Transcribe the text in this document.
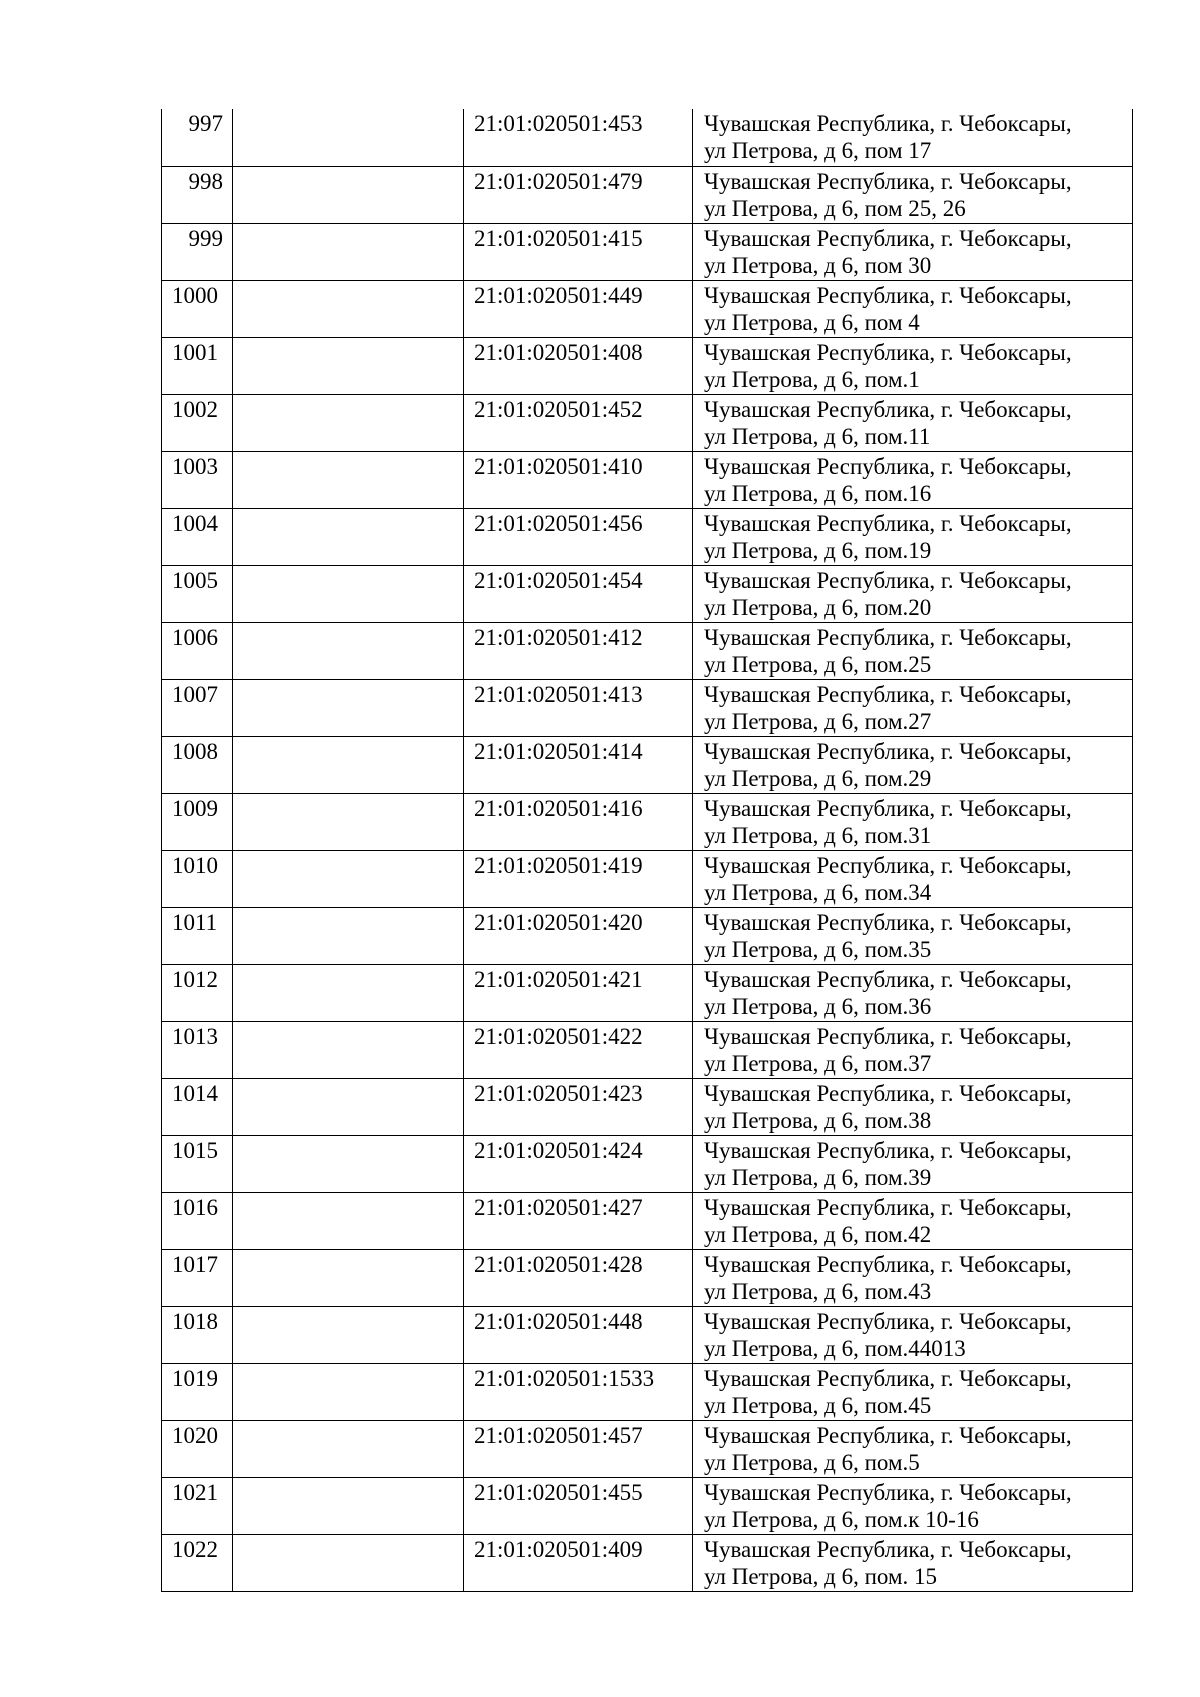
997		21:01:020501:453	Чувашская Республика, г. Чебоксары,
ул Петрова, д 6, пом 17

998		21:01:020501:479	Чувашская Республика, г. Чебоксары,
ул Петрова, д 6, пом 25, 26

999		21:01:020501:415	Чувашская Республика, г. Чебоксары,
ул Петрова, д 6, пом 30

1000		21:01:020501:449	Чувашская Республика, г. Чебоксары,
ул Петрова, д 6, пом 4

1001		21:01:020501:408	Чувашская Республика, г. Чебоксары,
ул Петрова, д 6, пом.1

1002		21:01:020501:452	Чувашская Республика, г. Чебоксары,
ул Петрова, д 6, пом.11

1003		21:01:020501:410	Чувашская Республика, г. Чебоксары,
ул Петрова, д 6, пом.16

1004		21:01:020501:456	Чувашская Республика, г. Чебоксары,
ул Петрова, д 6, пом.19

1005		21:01:020501:454	Чувашская Республика, г. Чебоксары,
ул Петрова, д 6, пом.20

1006		21:01:020501:412	Чувашская Республика, г. Чебоксары,
ул Петрова, д 6, пом.25

1007		21:01:020501:413	Чувашская Республика, г. Чебоксары,
ул Петрова, д 6, пом.27

1008		21:01:020501:414	Чувашская Республика, г. Чебоксары,
ул Петрова, д 6, пом.29

1009		21:01:020501:416	Чувашская Республика, г. Чебоксары,
ул Петрова, д 6, пом.31

1010		21:01:020501:419	Чувашская Республика, г. Чебоксары,
ул Петрова, д 6, пом.34

1011		21:01:020501:420	Чувашская Республика, г. Чебоксары,
ул Петрова, д 6, пом.35

1012		21:01:020501:421	Чувашская Республика, г. Чебоксары,
ул Петрова, д 6, пом.36

1013		21:01:020501:422	Чувашская Республика, г. Чебоксары,
ул Петрова, д 6, пом.37

1014		21:01:020501:423	Чувашская Республика, г. Чебоксары,
ул Петрова, д 6, пом.38

1015		21:01:020501:424	Чувашская Республика, г. Чебоксары,
ул Петрова, д 6, пом.39

1016		21:01:020501:427	Чувашская Республика, г. Чебоксары,
ул Петрова, д 6, пом.42

1017		21:01:020501:428	Чувашская Республика, г. Чебоксары,
ул Петрова, д 6, пом.43

1018		21:01:020501:448	Чувашская Республика, г. Чебоксары,
ул Петрова, д 6, пом.44013

1019		21:01:020501:1533	Чувашская Республика, г. Чебоксары,
ул Петрова, д 6, пом.45

1020		21:01:020501:457	Чувашская Республика, г. Чебоксары,
ул Петрова, д 6, пом.5

1021		21:01:020501:455	Чувашская Республика, г. Чебоксары,
ул Петрова, д 6, пом.к 10-16

1022		21:01:020501:409	Чувашская Республика, г. Чебоксары,
ул Петрова, д 6, пом. 15
